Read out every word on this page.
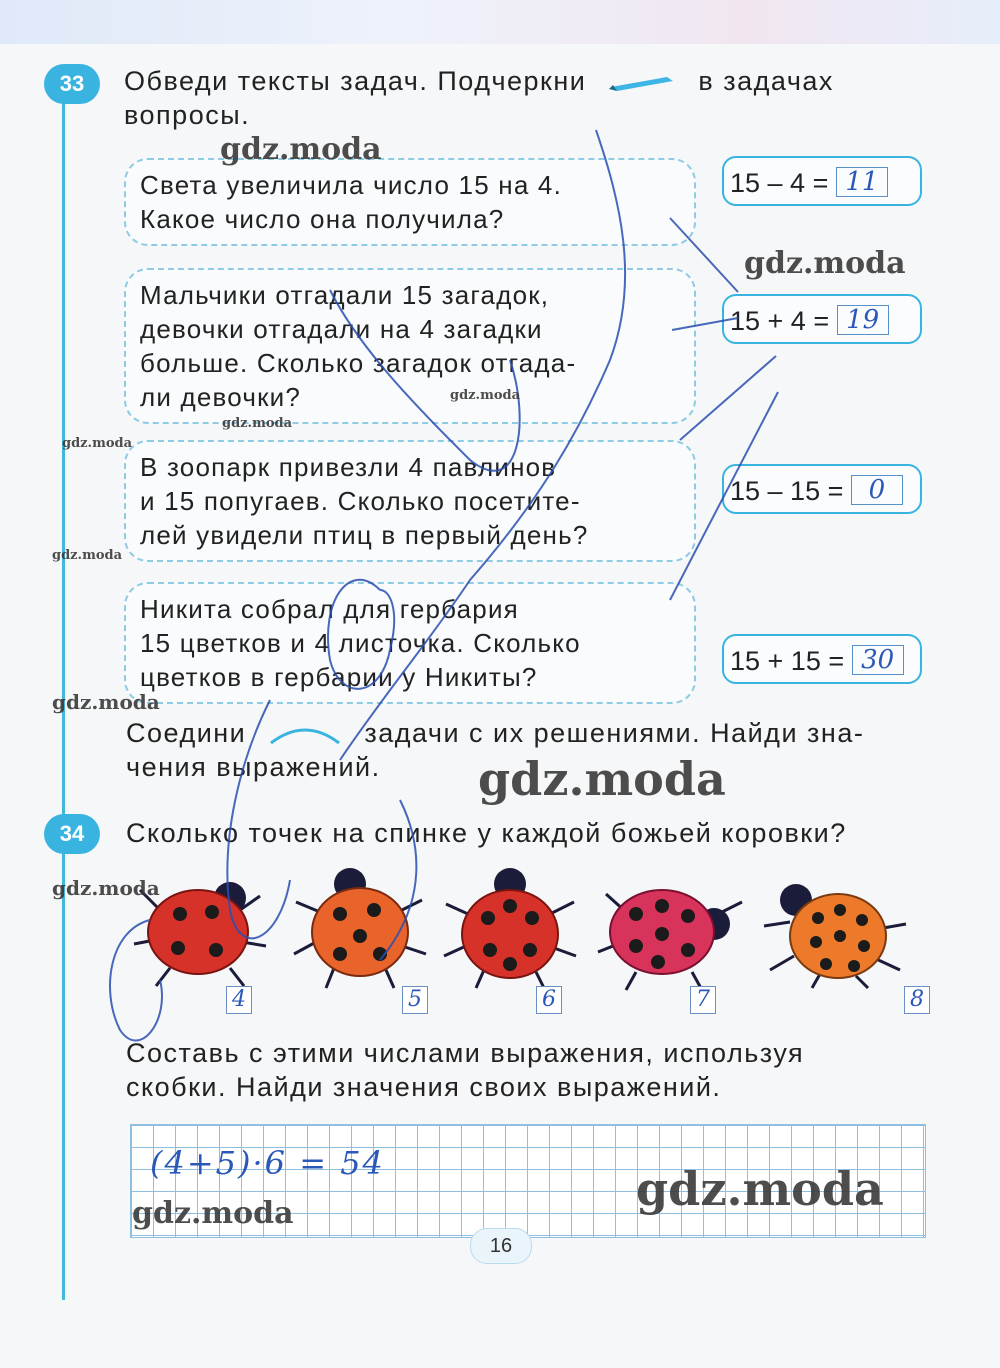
33 Обведи тексты задач. Подчеркни	в задачах
вопросы.
Света увеличила число 15 на 4.
Какое число она получила?
Мальчики отгадали 15 загадок,
девочки отгадали на 4 загадки
больше. Сколько загадок отгада-
ли девочки?
В зоопарк привезли 4 павлинов
и 15 попугаев. Сколько посетите-
лей увидели птиц в первый день?
Никита собрал для гербария
15 цветков и 4 листочка. Сколько
цветков в гербарии у Никиты?
15 – 4 = 11
15 + 4 = 19
15 – 15 = 0
15 + 15 = 30
Соедини	задачи с их решениями. Найди зна-
чения выражений.
34 Сколько точек на спинке у каждой божьей коровки?
4	5	6	7	8
Составь с этими числами выражения, используя
скобки. Найди значения своих выражений.
(4+5)·6 = 54
16
gdz.moda
gdz.moda
gdz.moda
gdz.moda
gdz.moda
gdz.moda
gdz.moda
gdz.moda
gdz.moda
gdz.moda
gdz.moda
